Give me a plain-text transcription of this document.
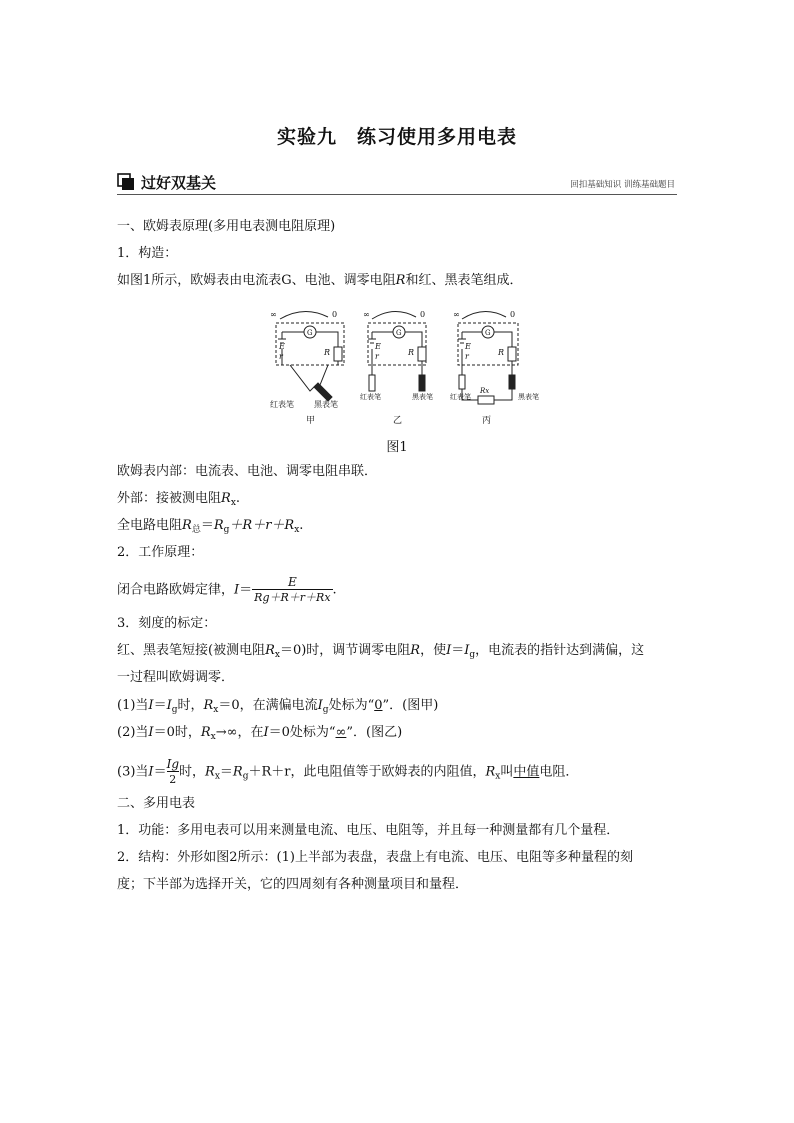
实验九　练习使用多用电表
过好双基关	回扣基础知识 训练基础题目
一、欧姆表原理(多用电表测电阻原理)
1．构造：
如图1所示，欧姆表由电流表G、电池、调零电阻R和红、黑表笔组成．
∞	0
G
E
r	R
红表笔	黑表笔
甲
∞	0
G
E
r	R
红表笔	黑表笔
乙
∞	0
G
E
r	R
Rx
红表笔	黑表笔
丙
图1
欧姆表内部：电流表、电池、调零电阻串联．
外部：接被测电阻$R_x$.
全电路电阻$R_总=R_g+R+r+R_x$.
2．工作原理：
闭合电路欧姆定律，$I= \frac{E}{Rg+R+r+Rx}$ .
3．刻度的标定：
红、黑表笔短接(被测电阻$R_x=0$)时，调节调零电阻R，使$I=I_g$，电流表的指针达到满偏，这
一过程叫欧姆调零．
(1)当$I=I_g$时，$R_x=0$，在满偏电流$I_g$处标为“0”．(图甲)
(2)当I＝0时，$R_x\to\infty$，在I＝0处标为“∞”．(图乙)
(3)当$I= \frac{Ig}{2}$ 时，$R_x=R_g+R+r$，此电阻值等于欧姆表的内阻值，$R_x$叫中值电阻．
二、多用电表
1．功能：多用电表可以用来测量电流、电压、电阻等，并且每一种测量都有几个量程．
2．结构：外形如图2所示：(1)上半部为表盘，表盘上有电流、电压、电阻等多种量程的刻
度；下半部为选择开关，它的四周刻有各种测量项目和量程．
